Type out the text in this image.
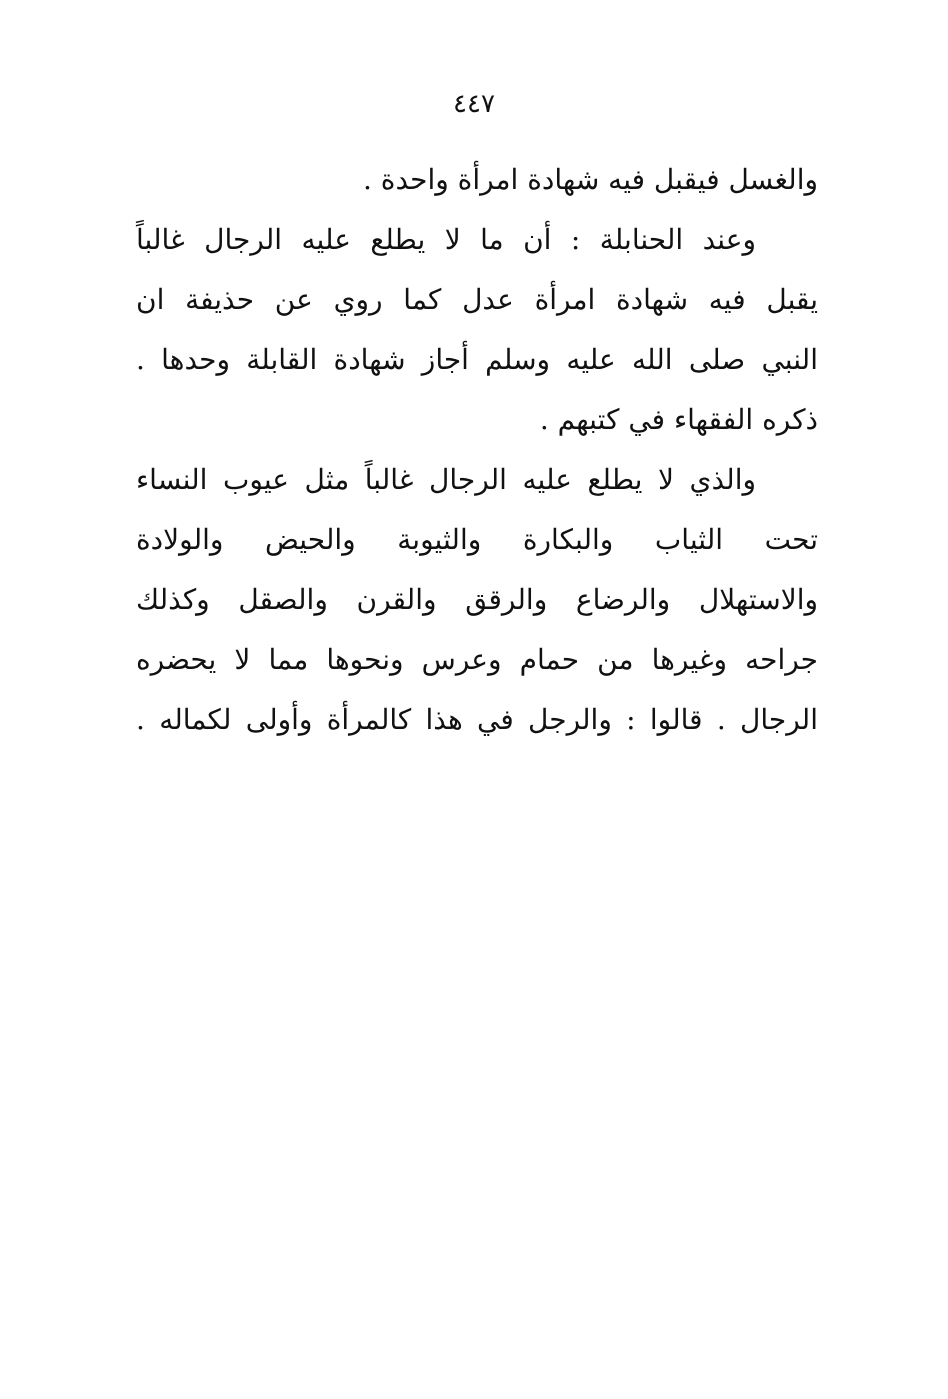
٤٤٧
والغسل فيقبل فيه شهادة امرأة واحدة .
وعند الحنابلة : أن ما لا يطلع عليه الرجال غالباً
يقبل فيه شهادة امرأة عدل كما روي عن حذيفة ان
النبي صلى الله عليه وسلم أجاز شهادة القابلة وحدها .
ذكره الفقهاء في كتبهم .
والذي لا يطلع عليه الرجال غالباً مثل عيوب النساء
تحت الثياب والبكارة والثيوبة والحيض والولادة
والاستهلال والرضاع والرقق والقرن والصقل وكذلك
جراحه وغيرها من حمام وعرس ونحوها مما لا يحضره
الرجال . قالوا : والرجل في هذا كالمرأة وأولى لكماله .
